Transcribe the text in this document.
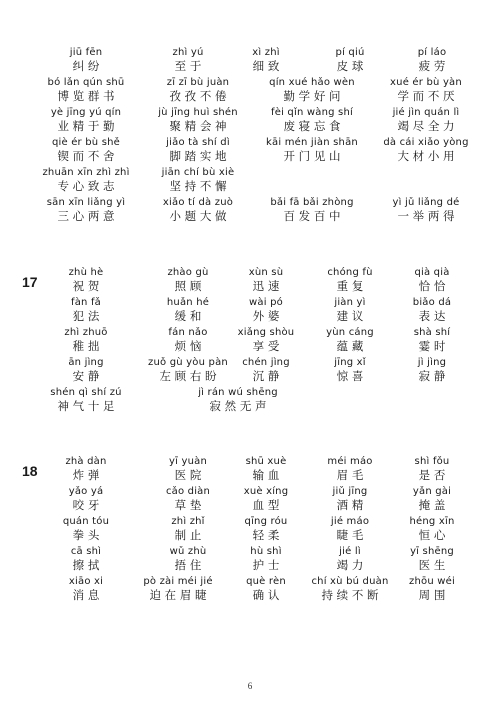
jiū fēn
纠 纷
zhì yú
至 于
xì zhì
细 致
pí qiú
皮 球
pí láo
疲 劳
bó lǎn qún shū
博 览 群 书
zī zī bù juàn
孜 孜 不 倦
qín xué hǎo wèn
勤 学 好 问
xué ér bù yàn
学 而 不 厌
yè jīng yú qín
业 精 于 勤
jù jīng huì shén
聚 精 会 神
fèi qǐn wàng shí
废 寝 忘 食
jié jìn quán lì
竭 尽 全 力
qiè ér bù shě
锲 而 不 舍
jiǎo tà shí dì
脚 踏 实 地
kāi mén jiàn shān
开 门 见 山
dà cái xiǎo yòng
大 材 小 用
zhuān xīn zhì zhì
专 心 致 志
jiān chí bù xiè
坚 持 不 懈
sān xīn liǎng yì
三 心 两 意
xiǎo tí dà zuò
小 题 大 做
bǎi fā bǎi zhòng
百 发 百 中
yì jǔ liǎng dé
一 举 两 得
17
zhù hè
祝 贺
zhào gù
照 顾
xùn sù
迅 速
chóng fù
重 复
qià qià
恰 恰
fàn fǎ
犯 法
huǎn hé
缓 和
wài pó
外 婆
jiàn yì
建 议
biǎo dá
表 达
zhì zhuō
稚 拙
fán nǎo
烦 恼
xiǎng shòu
享 受
yùn cáng
蕴 藏
shà shí
霎 时
ān jìng
安 静
zuǒ gù yòu pàn
左 顾 右 盼
chén jìng
沉 静
jīng xǐ
惊 喜
jì jìng
寂 静
shén qì shí zú
神 气 十 足
jì rán wú shēng
寂 然 无 声
18
zhà dàn
炸 弹
yī yuàn
医 院
shū xuè
输 血
méi máo
眉 毛
shì fǒu
是 否
yǎo yá
咬 牙
cǎo diàn
草 垫
xuè xíng
血 型
jiǔ jīng
酒 精
yǎn gài
掩 盖
quán tóu
拳 头
zhì zhǐ
制 止
qīng róu
轻 柔
jié máo
睫 毛
héng xīn
恒 心
cā shì
擦 拭
wǔ zhù
捂 住
hù shì
护 士
jié lì
竭 力
yī shēng
医 生
xiāo xi
消 息
pò zài méi jié
迫 在 眉 睫
què rèn
确 认
chí xù bú duàn
持 续 不 断
zhōu wéi
周 围
6
